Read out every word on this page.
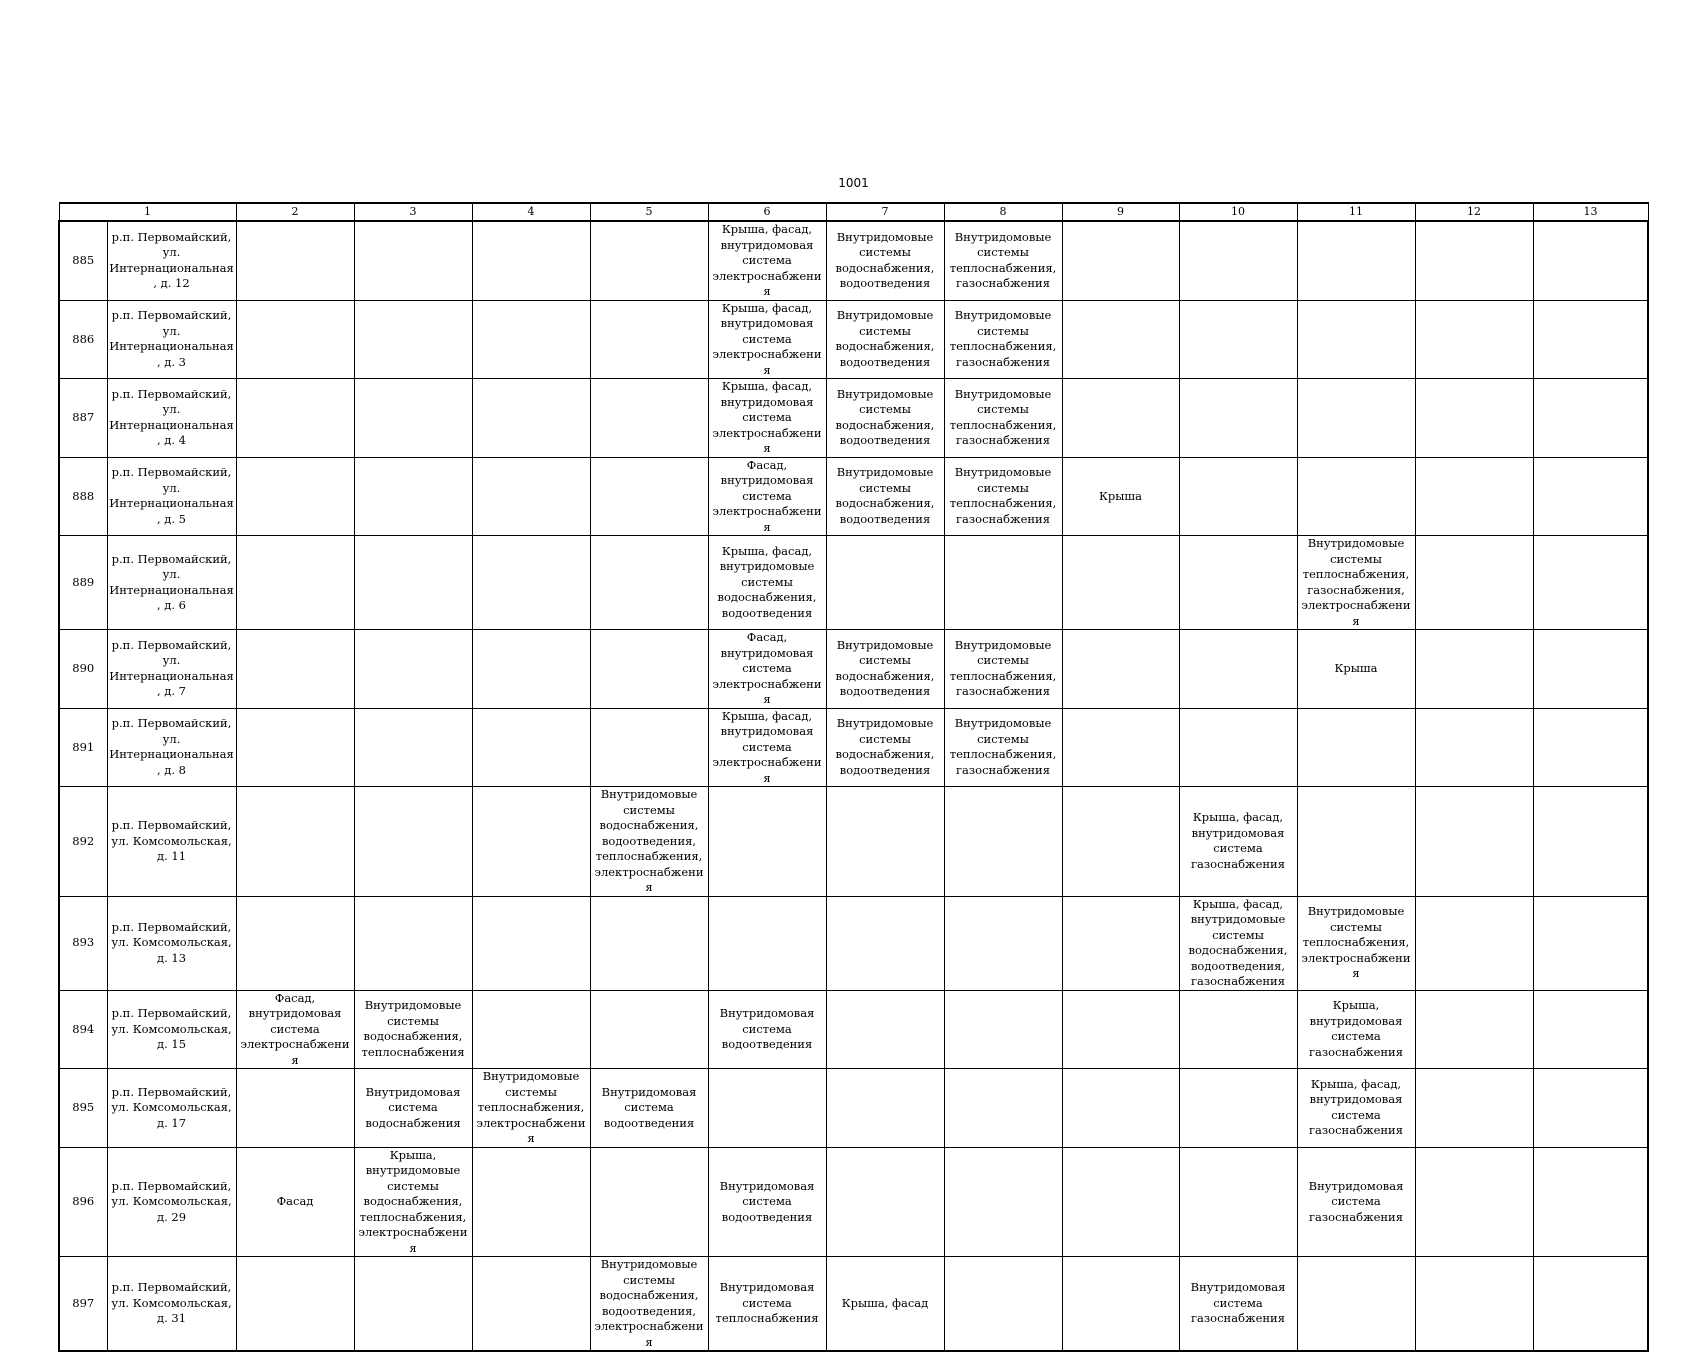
1001
1		2	3	4	5	6	7	8	9	10	11	12	13
885	р.п. Первомайский, ул. Интернациональная, д. 12					Крыша, фасад, внутридомовая система электроснабжения	Внутридомовые системы водоснабжения, водоотведения	Внутридомовые системы теплоснабжения, газоснабжения					
886	р.п. Первомайский, ул. Интернациональная, д. 3					Крыша, фасад, внутридомовая система электроснабжения	Внутридомовые системы водоснабжения, водоотведения	Внутридомовые системы теплоснабжения, газоснабжения					
887	р.п. Первомайский, ул. Интернациональная, д. 4					Крыша, фасад, внутридомовая система электроснабжения	Внутридомовые системы водоснабжения, водоотведения	Внутридомовые системы теплоснабжения, газоснабжения					
888	р.п. Первомайский, ул. Интернациональная, д. 5					Фасад, внутридомовая система электроснабжения	Внутридомовые системы водоснабжения, водоотведения	Внутридомовые системы теплоснабжения, газоснабжения	Крыша				
889	р.п. Первомайский, ул. Интернациональная, д. 6					Крыша, фасад, внутридомовые системы водоснабжения, водоотведения					Внутридомовые системы теплоснабжения, газоснабжения, электроснабжения		
890	р.п. Первомайский, ул. Интернациональная, д. 7					Фасад, внутридомовая система электроснабжения	Внутридомовые системы водоснабжения, водоотведения	Внутридомовые системы теплоснабжения, газоснабжения			Крыша		
891	р.п. Первомайский, ул. Интернациональная, д. 8					Крыша, фасад, внутридомовая система электроснабжения	Внутридомовые системы водоснабжения, водоотведения	Внутридомовые системы теплоснабжения, газоснабжения					
892	р.п. Первомайский, ул. Комсомольская, д. 11				Внутридомовые системы водоснабжения, водоотведения, теплоснабжения, электроснабжения					Крыша, фасад, внутридомовая система газоснабжения			
893	р.п. Первомайский, ул. Комсомольская, д. 13									Крыша, фасад, внутридомовые системы водоснабжения, водоотведения, газоснабжения	Внутридомовые системы теплоснабжения, электроснабжения		
894	р.п. Первомайский, ул. Комсомольская, д. 15	Фасад, внутридомовая система электроснабжения	Внутридомовые системы водоснабжения, теплоснабжения			Внутридомовая система водоотведения					Крыша, внутридомовая система газоснабжения		
895	р.п. Первомайский, ул. Комсомольская, д. 17		Внутридомовая система водоснабжения	Внутридомовые системы теплоснабжения, электроснабжения	Внутридомовая система водоотведения						Крыша, фасад, внутридомовая система газоснабжения		
896	р.п. Первомайский, ул. Комсомольская, д. 29	Фасад	Крыша, внутридомовые системы водоснабжения, теплоснабжения, электроснабжения			Внутридомовая система водоотведения					Внутридомовая система газоснабжения		
897	р.п. Первомайский, ул. Комсомольская, д. 31				Внутридомовые системы водоснабжения, водоотведения, электроснабжения	Внутридомовая система теплоснабжения	Крыша, фасад			Внутридомовая система газоснабжения			
